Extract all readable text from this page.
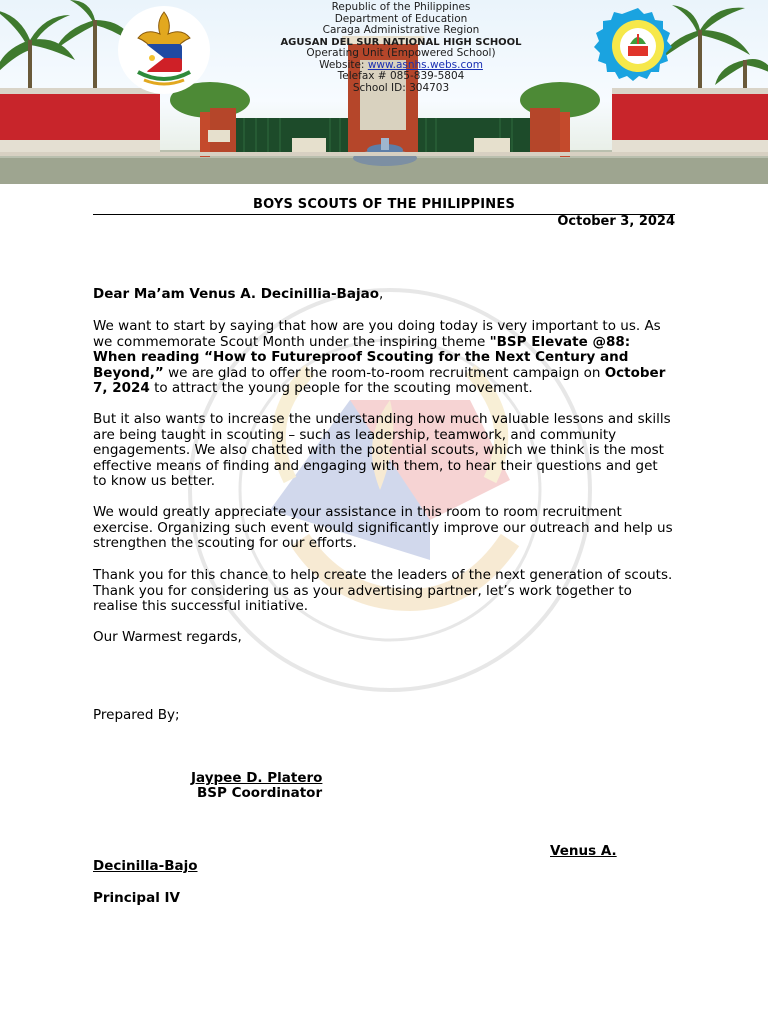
Republic of the Philippines
Department of Education
Caraga Administrative Region
AGUSAN DEL SUR NATIONAL HIGH SCHOOL
Operating Unit (Empowered School)
Website: www.asnhs.webs.com
Telefax # 085-839-5804
School ID: 304703
BOYS SCOUTS OF THE PHILIPPINES
October 3, 2024
Dear Ma’am Venus A. Decinillia-Bajao,
We want to start by saying that how are you doing today is very important to us. As we commemorate Scout Month under the inspiring theme "BSP Elevate @88: When reading “How to Futureproof Scouting for the Next Century and Beyond,” we are glad to offer the room-to-room recruitment campaign on October 7, 2024 to attract the young people for the scouting movement.
But it also wants to increase the understanding how much valuable lessons and skills are being taught in scouting – such as leadership, teamwork, and community engagements. We also chatted with the potential scouts, which we think is the most effective means of finding and engaging with them, to hear their questions and get to know us better.
We would greatly appreciate your assistance in this room to room recruitment exercise. Organizing such event would significantly improve our outreach and help us strengthen the scouting for our efforts.
Thank you for this chance to help create the leaders of the next generation of scouts. Thank you for considering us as your advertising partner, let’s work together to realise this successful initiative.
Our Warmest regards,
Prepared By;
Jaypee D. Platero
BSP Coordinator
Venus A.
Decinilla-Bajo
Principal IV
